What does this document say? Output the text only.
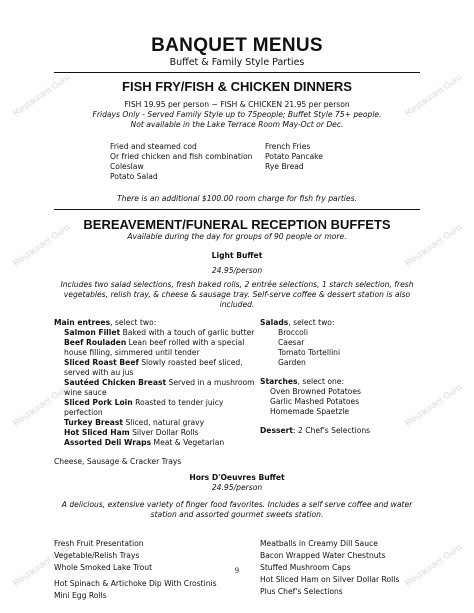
Restaurant Guru	Restaurant Guru
Restaurant Guru	Restaurant Guru
Restaurant Guru	Restaurant Guru
Restaurant Guru	Restaurant Guru
BANQUET MENUS
Buffet & Family Style Parties
FISH FRY/FISH & CHICKEN DINNERS
FISH 19.95 per person ~ FISH & CHICKEN 21.95 per person
Fridays Only - Served Family Style up to 75people; Buffet Style 75+ people.
Not available in the Lake Terrace Room May-Oct or Dec.
Fried and steamed cod
Or fried chicken and fish combination
Coleslaw
Potato Salad
French Fries
Potato Pancake
Rye Bread
There is an additional $100.00 room charge for fish fry parties.
BEREAVEMENT/FUNERAL RECEPTION BUFFETS
Available during the day for groups of 90 people or more.
Light Buffet
24.95/person
Includes two salad selections, fresh baked rolls, 2 entrée selections, 1 starch selection, fresh vegetables, relish tray, & cheese & sausage tray. Self-serve coffee & dessert station is also included.
Main entrees, select two:
Salmon Fillet Baked with a touch of garlic butter
Beef Rouladen Lean beef rolled with a special house filling, simmered until tender
Sliced Roast Beef Slowly roasted beef sliced, served with au jus
Sautéed Chicken Breast Served in a mushroom wine sauce
Sliced Pork Loin Roasted to tender juicy perfection
Turkey Breast Sliced, natural gravy
Hot Sliced Ham Silver Dollar Rolls
Assorted Deli Wraps Meat & Vegetarian
Salads, select two:
Broccoli
Caesar
Tomato Tortellini
Garden
Starches, select one:
Oven Browned Potatoes
Garlic Mashed Potatoes
Homemade Spaetzle
Dessert: 2 Chef's Selections
Cheese, Sausage & Cracker Trays
Hors D'Oeuvres Buffet
24.95/person
A delicious, extensive variety of finger food favorites. Includes a self serve coffee and water station and assorted gourmet sweets station.
Fresh Fruit Presentation
Vegetable/Relish Trays
Whole Smoked Lake Trout
Hot Spinach & Artichoke Dip With Crostinis
Mini Egg Rolls
Meatballs in Creamy Dill Sauce
Bacon Wrapped Water Chestnuts
Stuffed Mushroom Caps
Hot Sliced Ham on Silver Dollar Rolls
Plus Chef's Selections
9
